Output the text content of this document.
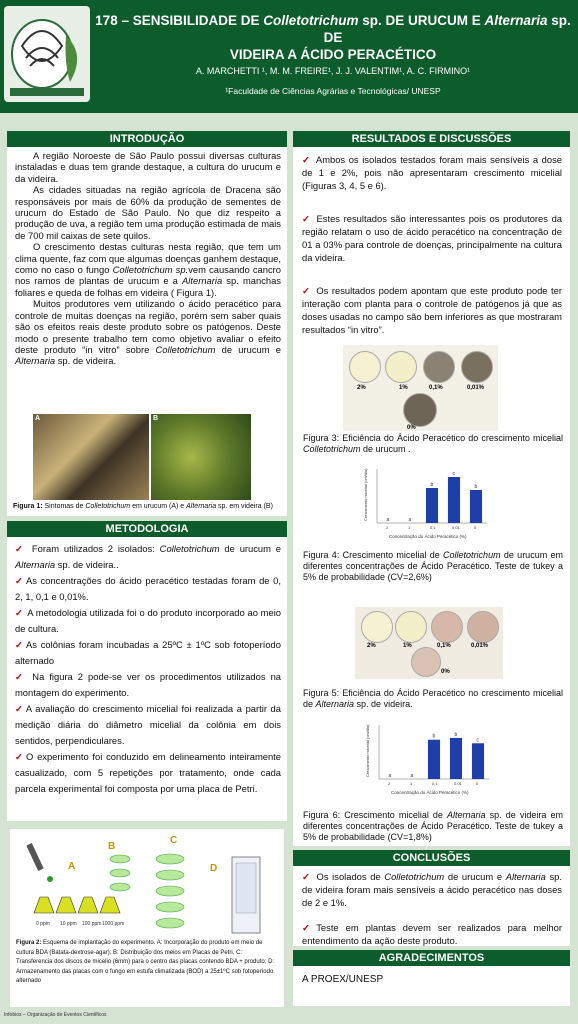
178 – SENSIBILIDADE DE Colletotrichum sp. DE URUCUM E Alternaria sp. DE
VIDEIRA A ÁCIDO PERACÉTICO
A. MARCHETTI ¹, M. M. FREIRE¹, J. J. VALENTIM¹, A. C. FIRMINO¹
¹Faculdade de Ciências Agrárias e Tecnológicas/ UNESP
INTRODUÇÃO
A região Noroeste de São Paulo possui diversas culturas instaladas e duas tem grande destaque, a cultura do urucum e da videira.
As cidades situadas na região agrícola de Dracena são responsáveis por mais de 60% da produção de sementes de urucum do Estado de São Paulo. No que diz respeito a produção de uva, a região tem uma produção estimada de mais de 700 mil caixas de sete quilos.
O crescimento destas culturas nesta região, que tem um clima quente, faz com que algumas doenças ganhem destaque, como no caso o fungo Colletotrichum sp.vem causando cancro nos ramos de plantas de urucum e a Alternaria sp. manchas foliares e queda de folhas em videira ( Figura 1).
Muitos produtores vem utilizando o ácido peracético para controle de muitas doenças na região, porém sem saber quais são os efeitos reais deste produto sobre os patógenos. Deste modo o presente trabalho tem como objetivo avaliar o efeito deste produto “in vitro” sobre Colletotrichum de urucum e Alternaria sp. de videira.
A	B
Figura 1: Sintomas de Colletotrichum em urucum (A) e Alternaria sp. em videira (B)
METODOLOGIA
✓ Foram utilizados 2 isolados: Colletotrichum de urucum e Alternaria sp. de videira..
✓ As concentrações do ácido peracético testadas foram de 0, 2, 1, 0,1 e 0,01%.
✓ A metodologia utilizada foi o do produto incorporado ao meio de cultura.
✓ As colônias foram incubadas a 25ºC ± 1ºC sob fotoperíodo alternado
✓ Na figura 2 pode-se ver os procedimentos utilizados na montagem do experimento.
✓ A avaliação do crescimento micelial foi realizada a partir da medição diária do diâmetro micelial da colônia em dois sentidos, perpendiculares.
✓ O experimento foi conduzido em delineamento inteiramente casualizado, com 5 repetições por tratamento, onde cada parcela experimental foi composta por uma placa de Petri.
A
B
C
D
0 ppm 10 ppm 100 ppm 1000 ppm
Figura 2: Esquema de implantação do experimento. A: Incorporação do produto em meio de cultura BDA (Batata-dextrose-agar); B: Distribuição dos meios em Placas de Petri, C: Transferencia dos discos de micelio (6mm) para o centro das placas contendo BDA + produto; D: Armazenamento das placas com o fungo em estufa climatizada (BOD) a 25±1ºC sob fotoperíodo alternado
RESULTADOS E DISCUSSÕES
✓ Ambos os isolados testados foram mais sensíveis a dose de 1 e 2%, pois não apresentaram crescimento micelial (Figuras 3, 4, 5 e 6).
✓ Estes resultados são interessantes pois os produtores da região relatam o uso de ácido peracético na concentração de 01 a 03% para controle de doenças, principalmente na cultura da videira.
✓ Os resultados podem apontam que este produto pode ter interação com planta para o controle de patógenos já que as doses usadas no campo são bem inferiores as que mostraram resultados “in vitro”.
2%	1%	0,1%	0,01%
0%
Figura 3: Eficiência do Ácido Peracético do crescimento micelial Colletotrichum de urucum .
Crescimento micelial (cm/dia)
Concentração do Ácido Peracético (%)
a
2
a
1
b
0,1
c
0,01
b
0
Figura 4: Crescimento micelial de Colletotrichum de urucum em diferentes concentrações de Ácido Peracético. Teste de tukey a 5% de probabilidade (CV=2,6%)
2%	1%	0,1%	0,01%
0%
Figura 5: Eficiência do Ácido Peracético no crescimento micelial de Alternaria sp. de videira.
Crescimento micelial (cm/dia)
Concentração do Ácido Peracético (%)
a
2
a
1
b
0,1
b
0,01
c
0
Figura 6: Crescimento micelial de Alternaria sp. de videira em diferentes concentrações de Ácido Peracético. Teste de tukey a 5% de probabilidade (CV=1,8%)
CONCLUSÕES
✓ Os isolados de Colletotrichum de urucum e Alternaria sp. de videira foram mais sensíveis a ácido peracético nas doses de 2 e 1%.
✓ Teste em plantas devem ser realizados para melhor entendimento da ação deste produto.
AGRADECIMENTOS
A PROEX/UNESP
Infobios – Organização de Eventos Científicos
